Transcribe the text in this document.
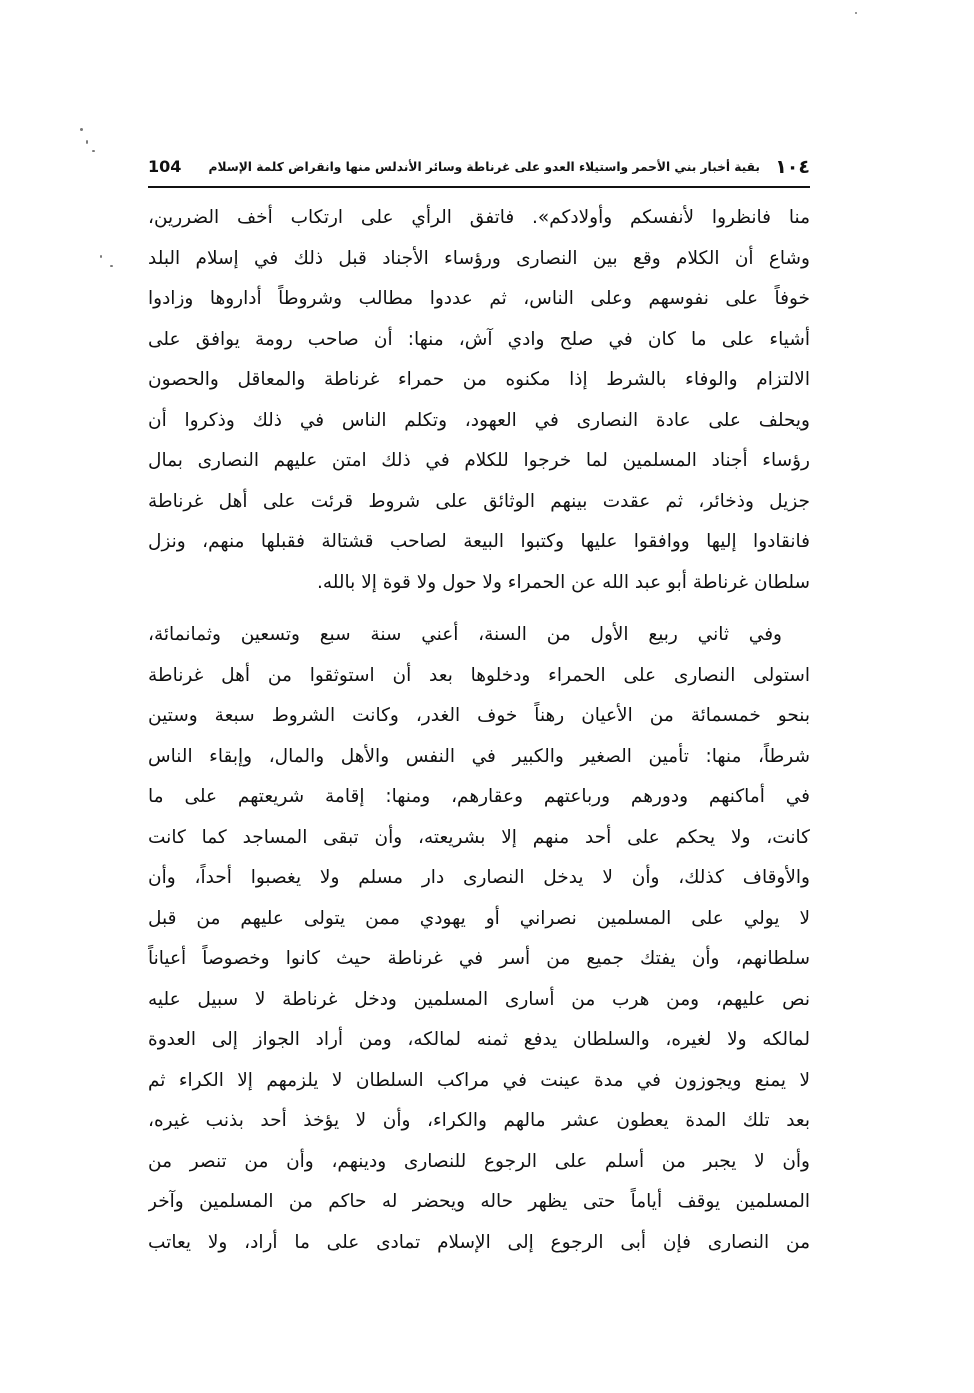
١٠٤
بقية أخبار بني الأحمر واستيلاء العدو على غرناطة وسائر الأندلس منها وانقراض كلمة الإسلام
104
منا فانظروا لأنفسكم وأولادكم». فاتفق الرأي على ارتكاب أخف الضررين،
وشاع أن الكلام وقع بين النصارى ورؤساء الأجناد قبل ذلك في إسلام البلد
خوفاً على نفوسهم وعلى الناس، ثم عددوا مطالب وشروطاً أداروها وزادوا
أشياء على ما كان في صلح وادي آش، منها: أن صاحب رومة يوافق على
الالتزام والوفاء بالشرط إذا مكنوه من حمراء غرناطة والمعاقل والحصون
ويحلف على عادة النصارى في العهود، وتكلم الناس في ذلك وذكروا أن
رؤساء أجناد المسلمين لما خرجوا للكلام في ذلك امتن عليهم النصارى بمال
جزيل وذخائر، ثم عقدت بينهم الوثائق على شروط قرئت على أهل غرناطة
فانقادوا إليها ووافقوا عليها وكتبوا البيعة لصاحب قشتالة فقبلها منهم، ونزل
سلطان غرناطة أبو عبد الله عن الحمراء ولا حول ولا قوة إلا بالله.
وفي ثاني ربيع الأول من السنة، أعني سنة سبع وتسعين وثمانمائة،
استولى النصارى على الحمراء ودخلوها بعد أن استوثقوا من أهل غرناطة
بنحو خمسمائة من الأعيان رهناً خوف الغدر، وكانت الشروط سبعة وستين
شرطاً، منها: تأمين الصغير والكبير في النفس والأهل والمال، وإبقاء الناس
في أماكنهم ودورهم ورباعتهم وعقارهم، ومنها: إقامة شريعتهم على ما
كانت، ولا يحكم على أحد منهم إلا بشريعته، وأن تبقى المساجد كما كانت
والأوقاف كذلك، وأن لا يدخل النصارى دار مسلم ولا يغصبوا أحداً، وأن
لا يولي على المسلمين نصراني أو يهودي ممن يتولى عليهم من قبل
سلطانهم، وأن يفتك جميع من أسر في غرناطة حيث كانوا وخصوصاً أعياناً
نص عليهم، ومن هرب من أسارى المسلمين ودخل غرناطة لا سبيل عليه
لمالكه ولا لغيره، والسلطان يدفع ثمنه لمالكه، ومن أراد الجواز إلى العدوة
لا يمنع ويجوزون في مدة عينت في مراكب السلطان لا يلزمهم إلا الكراء ثم
بعد تلك المدة يعطون عشر مالهم والكراء، وأن لا يؤخذ أحد بذنب غيره،
وأن لا يجبر من أسلم على الرجوع للنصارى ودينهم، وأن من تنصر من
المسلمين يوقف أياماً حتى يظهر حاله ويحضر له حاكم من المسلمين وآخر
من النصارى فإن أبى الرجوع إلى الإسلام تمادى على ما أراد، ولا يعاتب
